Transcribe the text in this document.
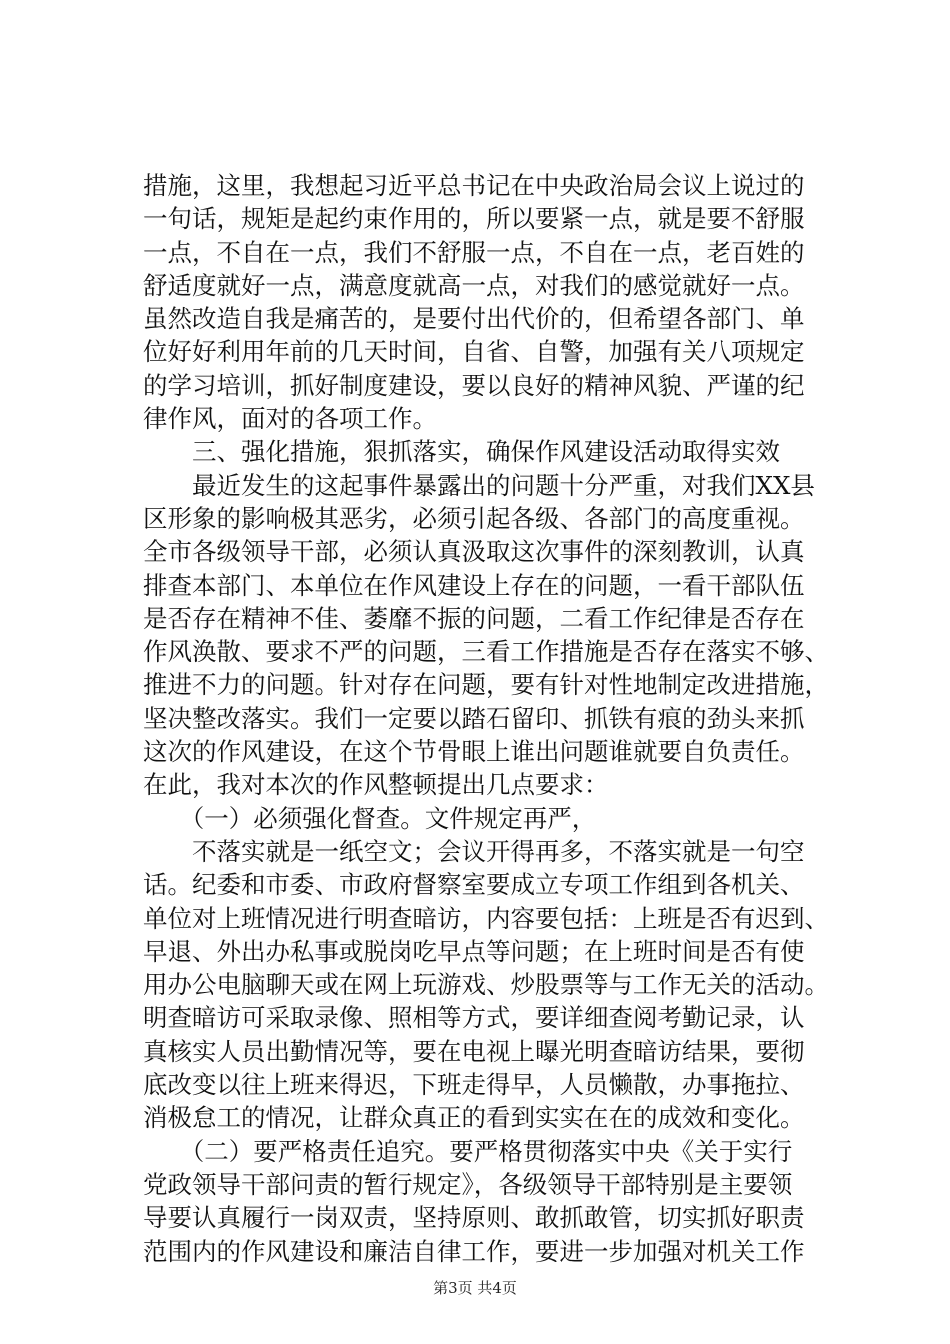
措施，这里，我想起习近平总书记在中央政治局会议上说过的
一句话，规矩是起约束作用的，所以要紧一点，就是要不舒服
一点，不自在一点，我们不舒服一点，不自在一点，老百姓的
舒适度就好一点，满意度就高一点，对我们的感觉就好一点。
虽然改造自我是痛苦的，是要付出代价的，但希望各部门、单
位好好利用年前的几天时间，自省、自警，加强有关八项规定
的学习培训，抓好制度建设，要以良好的精神风貌、严谨的纪
律作风，面对的各项工作。
　　三、强化措施，狠抓落实，确保作风建设活动取得实效
　　最近发生的这起事件暴露出的问题十分严重，对我们XX县
区形象的影响极其恶劣，必须引起各级、各部门的高度重视。
全市各级领导干部，必须认真汲取这次事件的深刻教训，认真
排查本部门、本单位在作风建设上存在的问题，一看干部队伍
是否存在精神不佳、萎靡不振的问题，二看工作纪律是否存在
作风涣散、要求不严的问题，三看工作措施是否存在落实不够、
推进不力的问题。针对存在问题，要有针对性地制定改进措施，
坚决整改落实。我们一定要以踏石留印、抓铁有痕的劲头来抓
这次的作风建设，在这个节骨眼上谁出问题谁就要自负责任。
在此，我对本次的作风整顿提出几点要求：
　　（一）必须强化督查。文件规定再严，
　　不落实就是一纸空文；会议开得再多，不落实就是一句空
话。纪委和市委、市政府督察室要成立专项工作组到各机关、
单位对上班情况进行明查暗访，内容要包括：上班是否有迟到、
早退、外出办私事或脱岗吃早点等问题；在上班时间是否有使
用办公电脑聊天或在网上玩游戏、炒股票等与工作无关的活动。
明查暗访可采取录像、照相等方式，要详细查阅考勤记录，认
真核实人员出勤情况等，要在电视上曝光明查暗访结果，要彻
底改变以往上班来得迟，下班走得早，人员懒散，办事拖拉、
消极怠工的情况，让群众真正的看到实实在在的成效和变化。
　　（二）要严格责任追究。要严格贯彻落实中央《关于实行
党政领导干部问责的暂行规定》，各级领导干部特别是主要领
导要认真履行一岗双责，坚持原则、敢抓敢管，切实抓好职责
范围内的作风建设和廉洁自律工作，要进一步加强对机关工作
第3页 共4页
